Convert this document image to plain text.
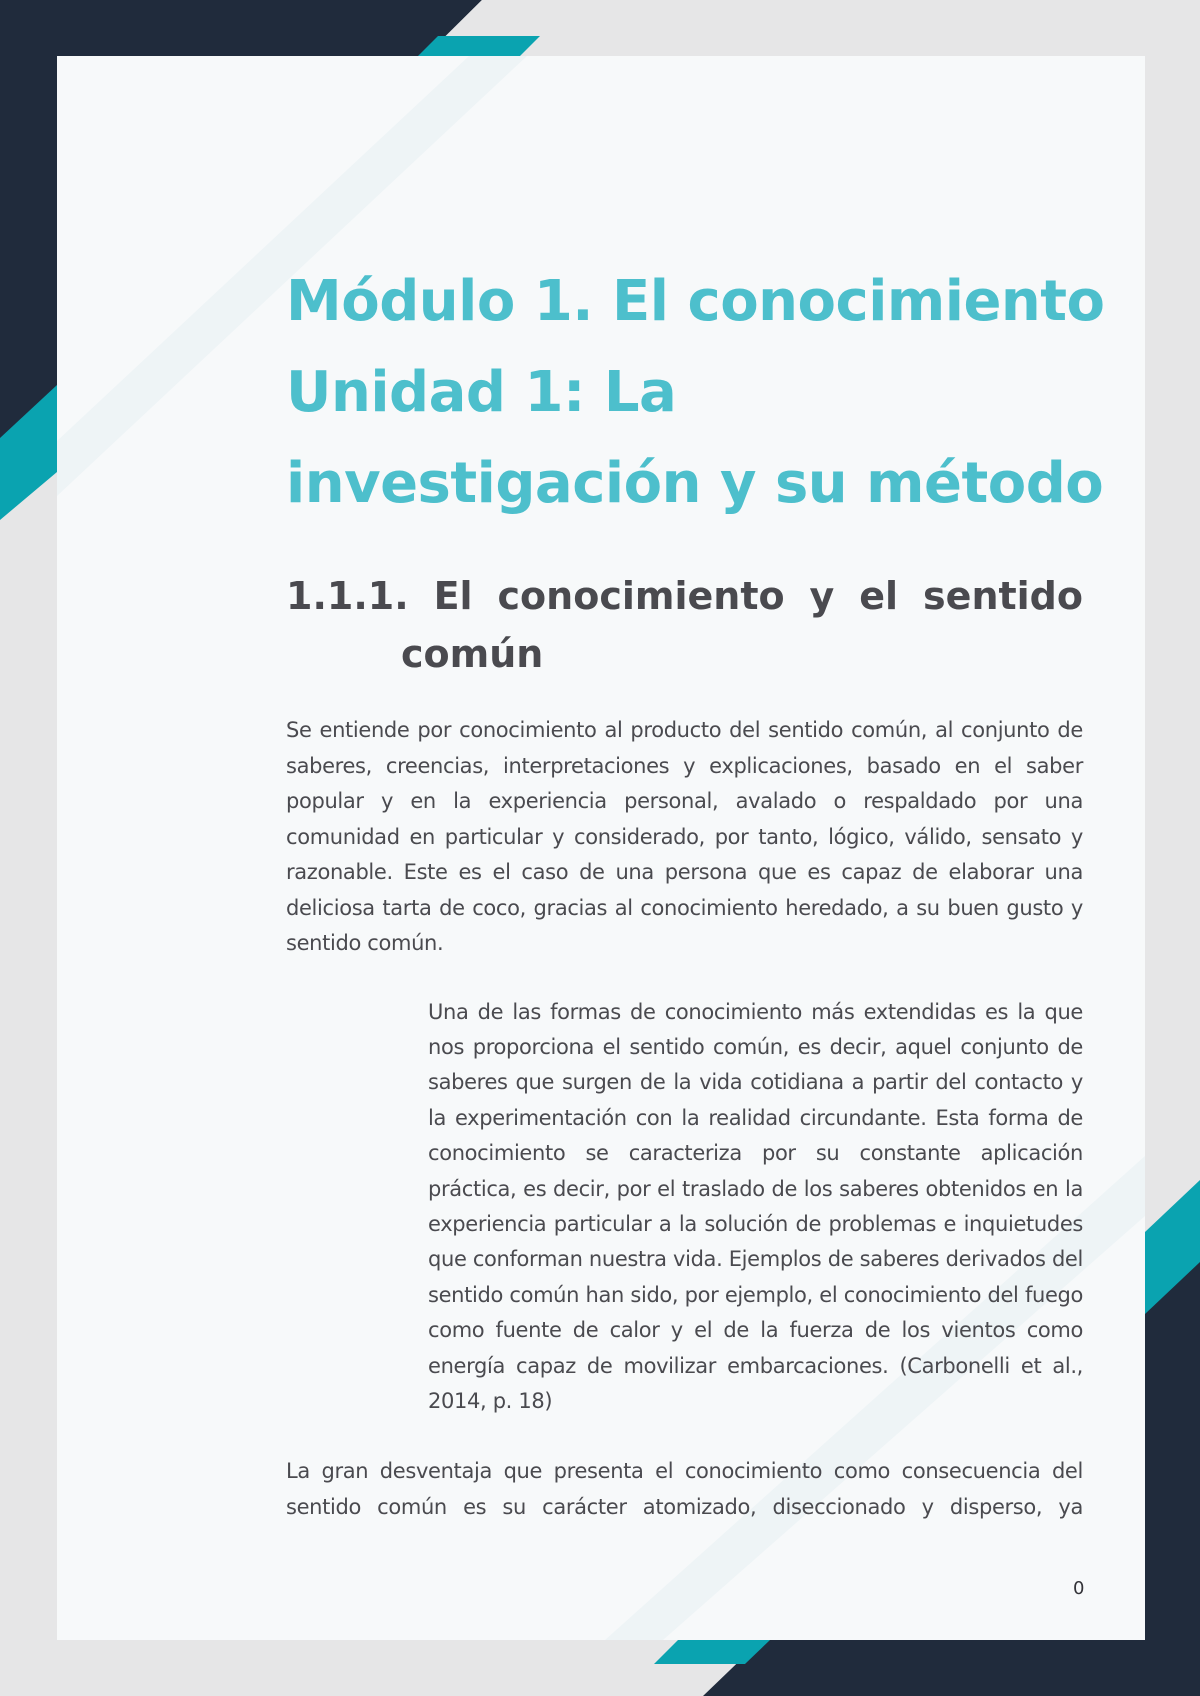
Módulo 1. El conocimiento
Unidad 1: La
investigación y su método
1.1.1. El conocimiento y el sentido
común

Se entiende por conocimiento al producto del sentido común, al conjunto de saberes, creencias, interpretaciones y explicaciones, basado en el saber popular y en la experiencia personal, avalado o respaldado por una comunidad en particular y considerado, por tanto, lógico, válido, sensato y razonable. Este es el caso de una persona que es capaz de elaborar una deliciosa tarta de coco, gracias al conocimiento heredado, a su buen gusto y sentido común.

Una de las formas de conocimiento más extendidas es la que nos proporciona el sentido común, es decir, aquel conjunto de saberes que surgen de la vida cotidiana a partir del contacto y la experimentación con la realidad circundante. Esta forma de conocimiento se caracteriza por su constante aplicación práctica, es decir, por el traslado de los saberes obtenidos en la experiencia particular a la solución de problemas e inquietudes que conforman nuestra vida. Ejemplos de saberes derivados del sentido común han sido, por ejemplo, el conocimiento del fuego como fuente de calor y el de la fuerza de los vientos como energía capaz de movilizar embarcaciones. (Carbonelli et al., 2014, p. 18)

La gran desventaja que presenta el conocimiento como consecuencia del sentido común es su carácter atomizado, diseccionado y disperso, ya

0
